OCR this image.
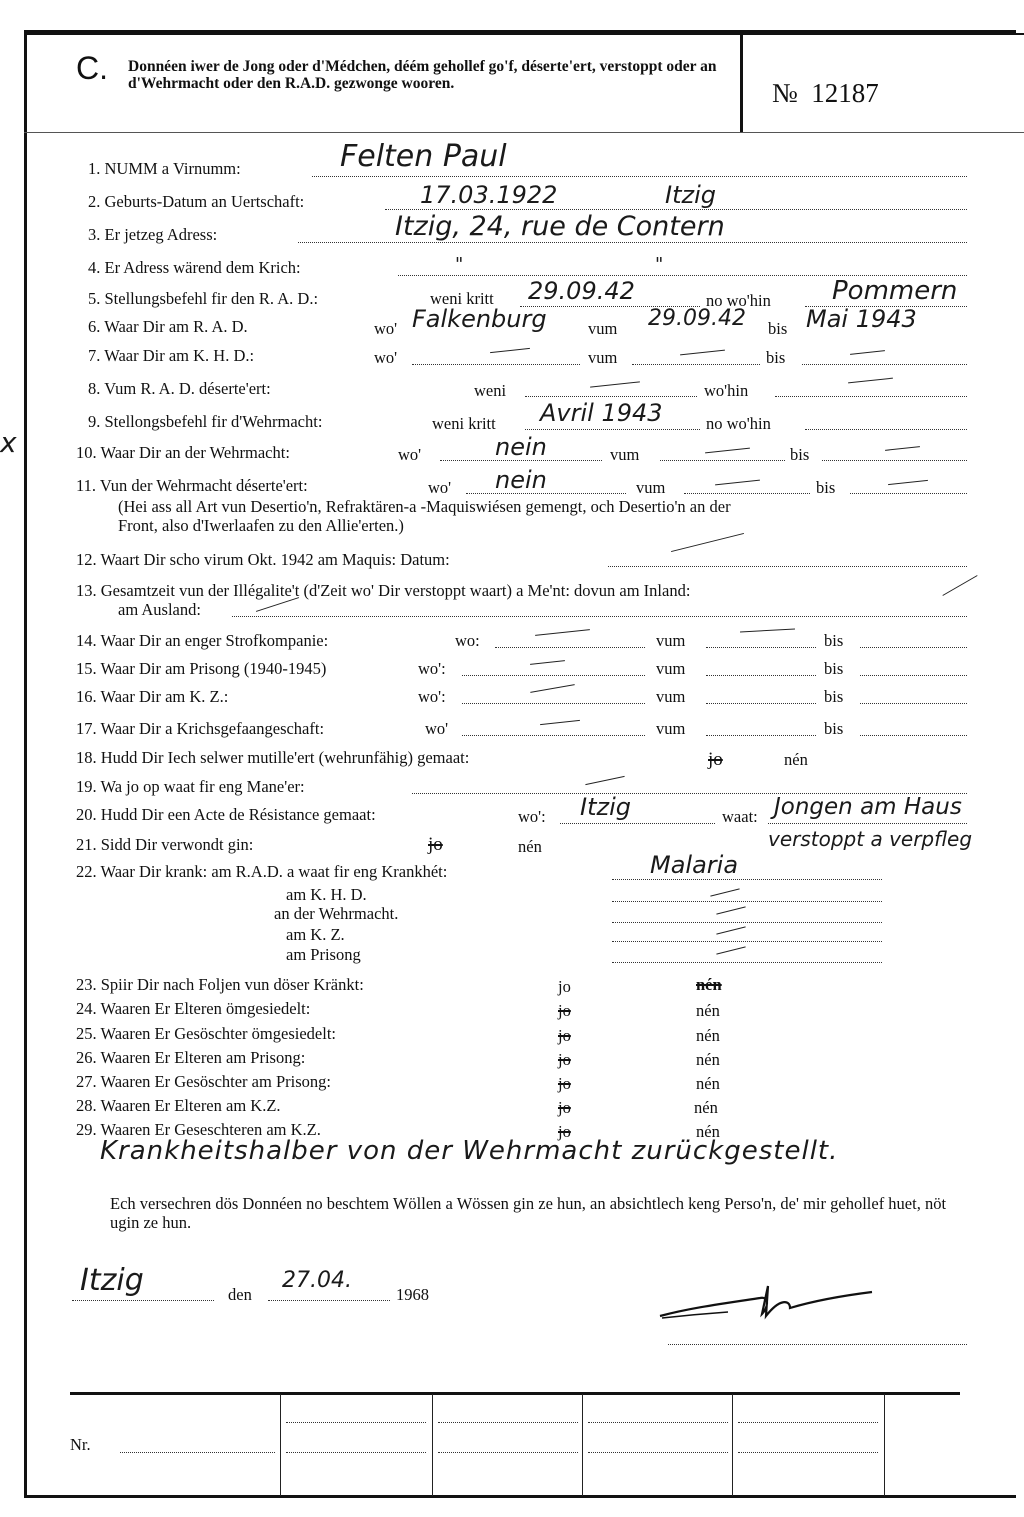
C. Donnéen iwer de Jong oder d'Médchen, déém gehollef go'f, déserte'ert, verstoppt oder an d'Wehrmacht oder den R.A.D. gezwonge wooren.	№ 12187
x
1. NUMM a Virnumm:	Felten Paul
2. Geburts-Datum an Uertschaft:	17.03.1922	Itzig
3. Er jetzeg Adress:	Itzig, 24, rue de Contern
4. Er Adress wärend dem Krich:	"	"
5. Stellungsbefehl fir den R. A. D.:	weni kritt 29.09.42	no wo'hin Pommern
6. Waar Dir am R. A. D.	wo' Falkenburg	vum 29.09.42 bis Mai 1943
7. Waar Dir am K. H. D.:	wo'	vum	bis
8. Vum R. A. D. déserte'ert:	weni	wo'hin
9. Stellongsbefehl fir d'Wehrmacht:	weni kritt Avril 1943	no wo'hin
10. Waar Dir an der Wehrmacht:	wo'	nein	vum	bis
11. Vun der Wehrmacht déserte'ert:	wo' nein	vum	bis
(Hei ass all Art vun Desertio'n, Refraktären-a -Maquiswiésen gemengt, och Desertio'n an der
Front, also d'Iwerlaafen zu den Allie'erten.)
12. Waart Dir scho virum Okt. 1942 am Maquis: Datum:
13. Gesamtzeit vun der Illégalite't (d'Zeit wo' Dir verstoppt waart) a Me'nt: dovun am Inland:
am Ausland:
14. Waar Dir an enger Strofkompanie:	wo:	vum	bis
15. Waar Dir am Prisong (1940-1945)	wo':	vum	bis
16. Waar Dir am K. Z.:	wo':	vum	bis
17. Waar Dir a Krichsgefaangeschaft:	wo'	vum	bis
18. Hudd Dir Iech selwer mutille'ert (wehrunfähig) gemaat:	jo	nén
19. Wa jo op waat fir eng Mane'er:
20. Hudd Dir een Acte de Résistance gemaat:	wo': Itzig	waat: Jongen am Haus
verstoppt a verpfleg
21. Sidd Dir verwondt gin:	jo	nén
22. Waar Dir krank: am R.A.D. a waat fir eng Krankhét:	Malaria
am K. H. D.
an der Wehrmacht.
am K. Z.
am Prisong
23. Spiir Dir nach Foljen vun döser Kränkt:	jo	nén
24. Waaren Er Elteren ömgesiedelt:	jo	nén
25. Waaren Er Gesöschter ömgesiedelt:	jo	nén
26. Waaren Er Elteren am Prisong:	jo	nén
27. Waaren Er Gesöschter am Prisong:	jo	nén
28. Waaren Er Elteren am K.Z.	jo	nén
29. Waaren Er Geseschteren am K.Z.	jo	nén
Krankheitshalber von der Wehrmacht zurückgestellt.
Ech versechren dös Donnéen no beschtem Wöllen a Wössen gin ze hun, an absichtlech keng Perso'n, de' mir gehollef huet, nöt ugin ze hun.
Itzig	den
27.04.
1968
Nr.
